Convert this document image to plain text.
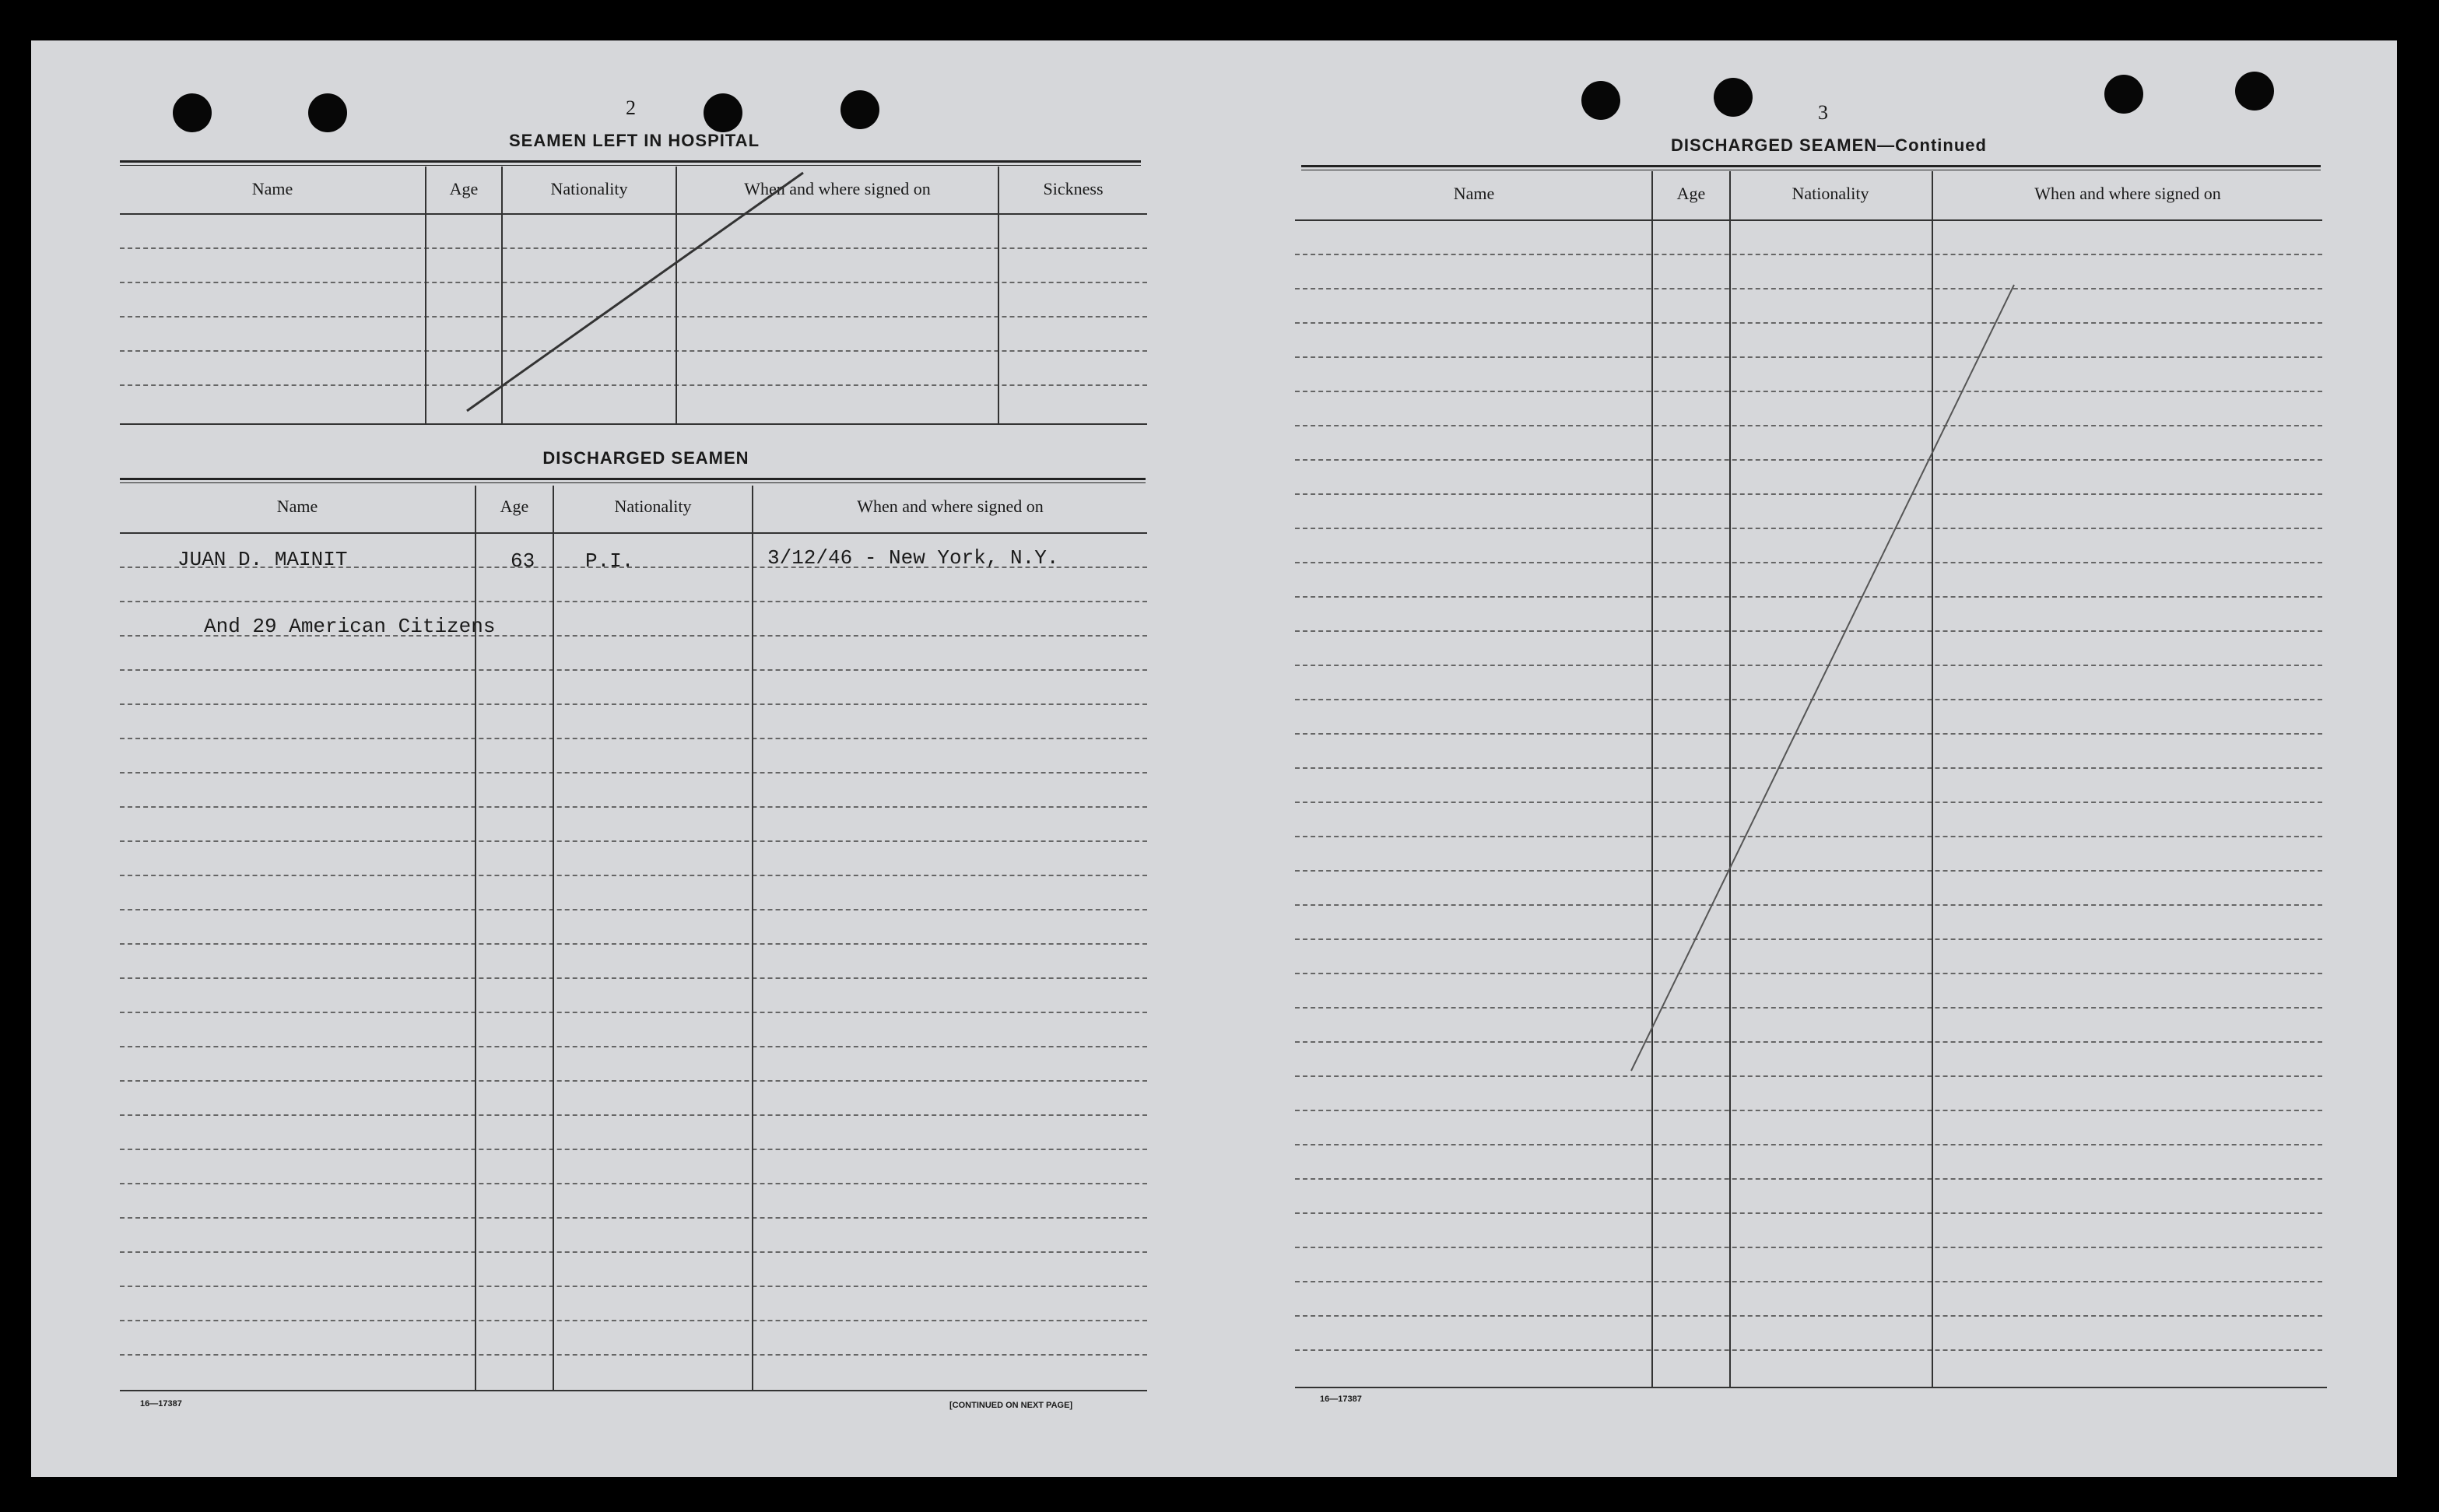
2
SEAMEN LEFT IN HOSPITAL
Name	Age	Nationality	When and where signed on	Sickness
DISCHARGED SEAMEN
Name	Age	Nationality	When and where signed on
JUAN D. MAINIT	63 P.I.	3/12/46 - New York, N.Y.
And 29 American Citizens
16—17387	[CONTINUED ON NEXT PAGE]
3
DISCHARGED SEAMEN—Continued
Name	Age	Nationality	When and where signed on
16—17387
